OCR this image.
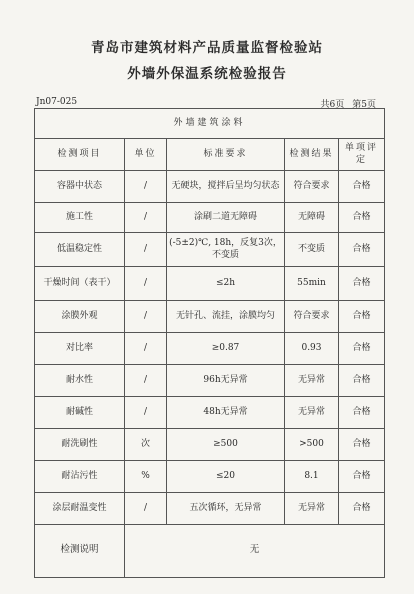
青岛市建筑材料产品质量监督检验站
外墙外保温系统检验报告
Jn07-025	共6页 第5页
外墙建筑涂料				
检测项目	单位	标准要求	检测结果	单项评定
容器中状态	/	无硬块，搅拌后呈均匀状态	符合要求	合格
施工性	/	涂刷二道无障碍	无障碍	合格
低温稳定性	/	(-5±2)℃, 18h，反复3次，不变质	不变质	合格
干燥时间（表干）	/	≤2h	55min	合格
涂膜外观	/	无针孔、流挂，涂膜均匀	符合要求	合格
对比率	/	≥0.87	0.93	合格
耐水性	/	96h无异常	无异常	合格
耐碱性	/	48h无异常	无异常	合格
耐洗刷性	次	≥500	>500	合格
耐沾污性	%	≤20	8.1	合格
涂层耐温变性	/	五次循环，无异常	无异常	合格
检测说明	无			
